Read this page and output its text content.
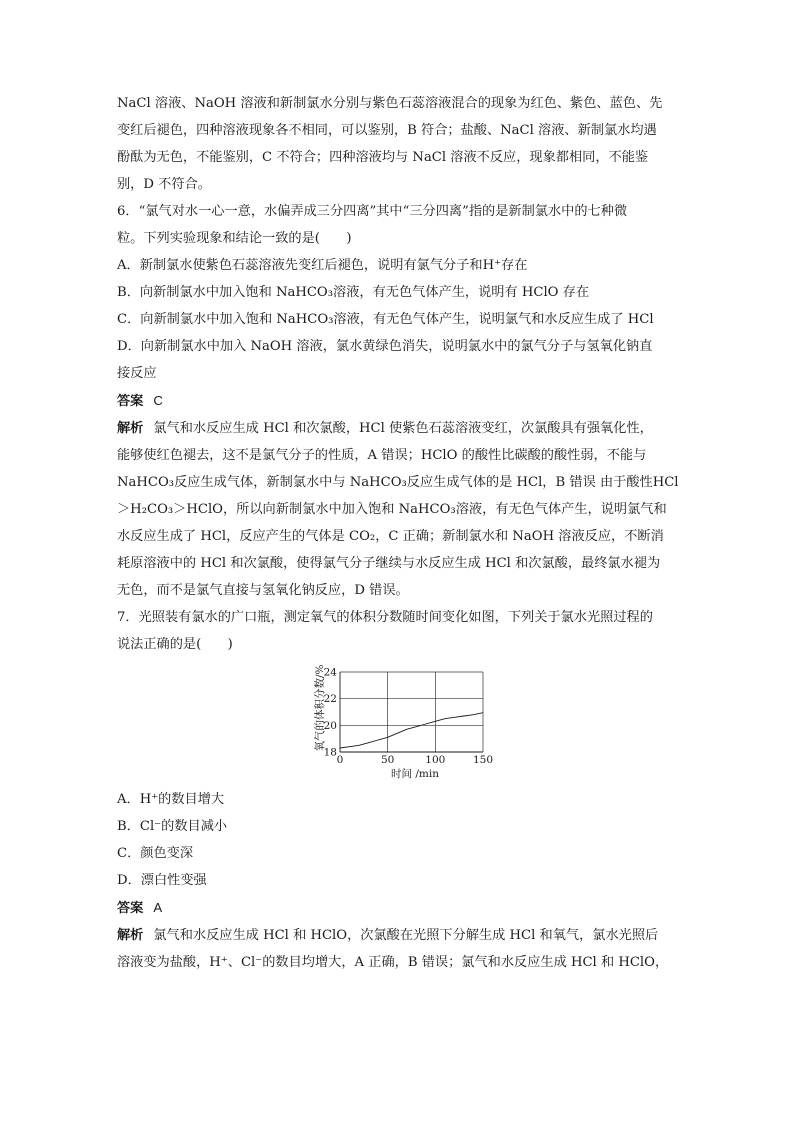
NaCl 溶液、NaOH 溶液和新制氯水分别与紫色石蕊溶液混合的现象为红色、紫色、蓝色、先

变红后褪色，四种溶液现象各不相同，可以鉴别，B 符合；盐酸、NaCl 溶液、新制氯水均遇

酚酞为无色，不能鉴别，C 不符合；四种溶液均与 NaCl 溶液不反应，现象都相同，不能鉴

别，D 不符合。

6．“氯气对水一心一意，水偏弄成三分四离”其中“三分四离”指的是新制氯水中的七种微

粒。下列实验现象和结论一致的是(　　)

A．新制氯水使紫色石蕊溶液先变红后褪色，说明有氯气分子和H⁺存在

B．向新制氯水中加入饱和 NaHCO₃溶液，有无色气体产生，说明有 HClO 存在

C．向新制氯水中加入饱和 NaHCO₃溶液，有无色气体产生，说明氯气和水反应生成了 HCl

D．向新制氯水中加入 NaOH 溶液，氯水黄绿色消失，说明氯水中的氯气分子与氢氧化钠直

接反应

答案 C

解析 氯气和水反应生成 HCl 和次氯酸，HCl 使紫色石蕊溶液变红，次氯酸具有强氧化性，

能够使红色褪去，这不是氯气分子的性质，A 错误；HClO 的酸性比碳酸的酸性弱，不能与

NaHCO₃反应生成气体，新制氯水中与 NaHCO₃反应生成气体的是 HCl，B 错误 由于酸性HCl

＞H₂CO₃＞HClO，所以向新制氯水中加入饱和 NaHCO₃溶液，有无色气体产生，说明氯气和

水反应生成了 HCl，反应产生的气体是 CO₂，C 正确；新制氯水和 NaOH 溶液反应，不断消

耗原溶液中的 HCl 和次氯酸，使得氯气分子继续与水反应生成 HCl 和次氯酸，最终氯水褪为

无色，而不是氯气直接与氢氧化钠反应，D 错误。

7．光照装有氯水的广口瓶，测定氧气的体积分数随时间变化如图，下列关于氯水光照过程的

说法正确的是(　　)

0	50	100	150
18
20
22
24
氧气的体积分数/%
时间 /min

A．H⁺的数目增大

B．Cl⁻的数目减小

C．颜色变深

D．漂白性变强

答案 A

解析 氯气和水反应生成 HCl 和 HClO，次氯酸在光照下分解生成 HCl 和氧气，氯水光照后

溶液变为盐酸，H⁺、Cl⁻的数目均增大，A 正确，B 错误；氯气和水反应生成 HCl 和 HClO，
